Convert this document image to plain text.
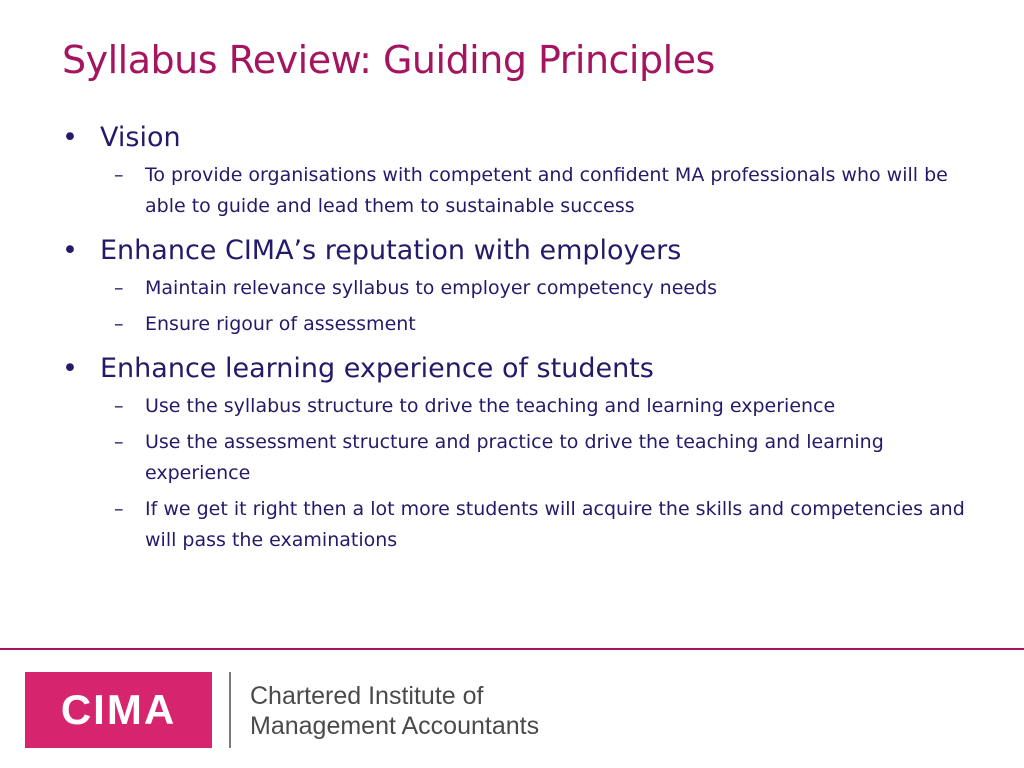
Syllabus Review: Guiding Principles
• Vision
– To provide organisations with competent and confident MA professionals who will be able to guide and lead them to sustainable success
• Enhance CIMA’s reputation with employers
– Maintain relevance syllabus to employer competency needs
– Ensure rigour of assessment
• Enhance learning experience of students
– Use the syllabus structure to drive the teaching and learning experience
– Use the assessment structure and practice to drive the teaching and learning experience
– If we get it right then a lot more students will acquire the skills and competencies and will pass the examinations
CIMA	Chartered Institute of
Management Accountants
